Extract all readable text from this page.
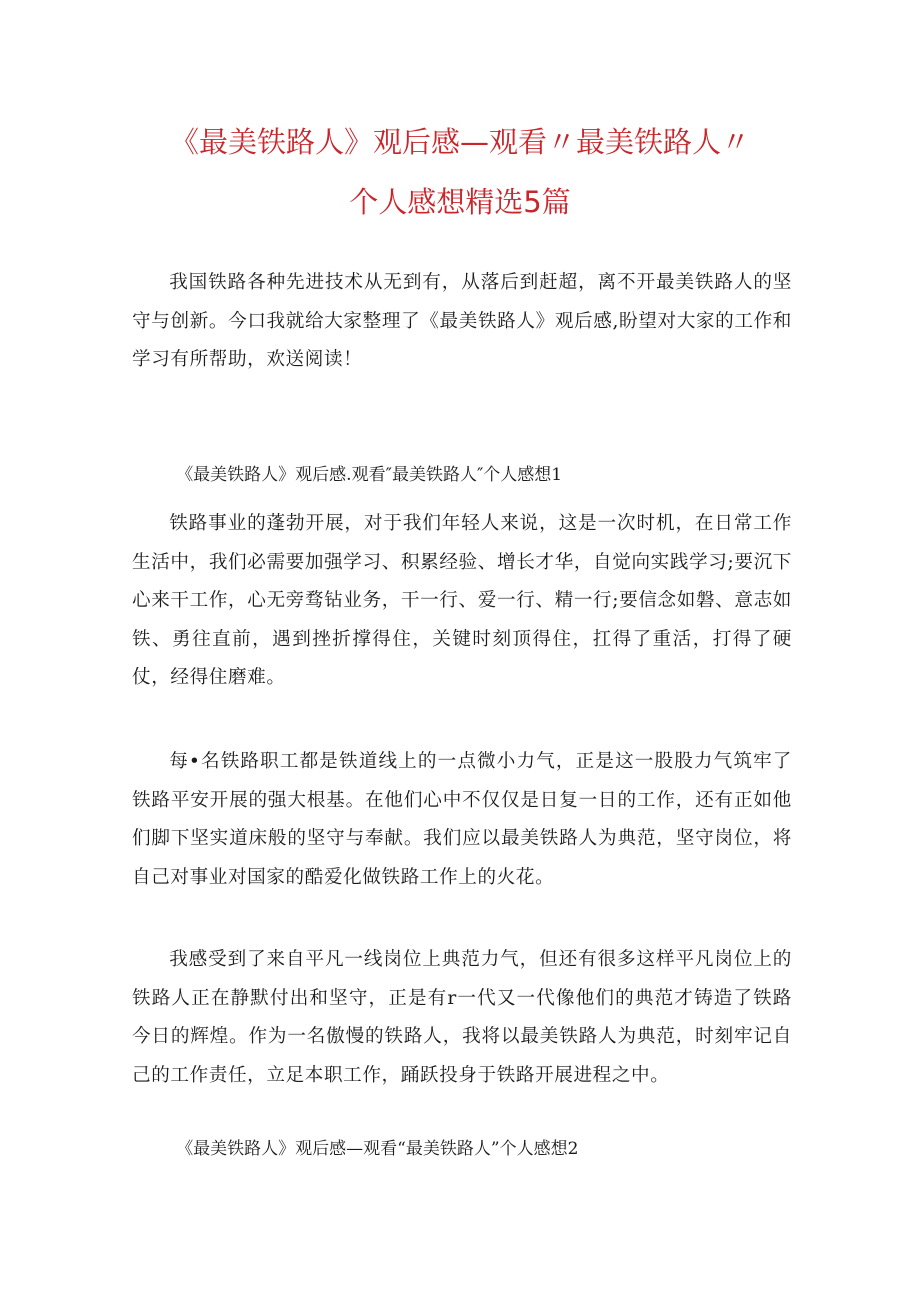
《最美铁路人》观后感—观看〃最美铁路人〃
个人感想精选5篇

我国铁路各种先进技术从无到有，从落后到赶超，离不开最美铁路人的坚守与创新。今口我就给大家整理了《最美铁路人》观后感,盼望对大家的工作和学习有所帮助，欢送阅读！

《最美铁路人》观后感.观看″最美铁路人″个人感想1

铁路事业的蓬勃开展，对于我们年轻人来说，这是一次时机，在日常工作生活中，我们必需要加强学习、积累经验、增长才华，自觉向实践学习;要沉下心来干工作，心无旁骛钻业务，干一行、爱一行、精一行;要信念如磐、意志如铁、勇往直前，遇到挫折撑得住，关键时刻顶得住，扛得了重活，打得了硬仗，经得住磨难。

每•名铁路职工都是铁道线上的一点微小力气，正是这一股股力气筑牢了铁路平安开展的强大根基。在他们心中不仅仅是日复一日的工作，还有正如他们脚下坚实道床般的坚守与奉献。我们应以最美铁路人为典范，坚守岗位，将自己对事业对国家的酷爱化做铁路工作上的火花。

我感受到了来自平凡一线岗位上典范力气，但还有很多这样平凡岗位上的铁路人正在静默付出和坚守，正是有r一代又一代像他们的典范才铸造了铁路今日的辉煌。作为一名傲慢的铁路人，我将以最美铁路人为典范，时刻牢记自己的工作责任，立足本职工作，踊跃投身于铁路开展进程之中。

《最美铁路人》观后感—观看“最美铁路人”个人感想2
